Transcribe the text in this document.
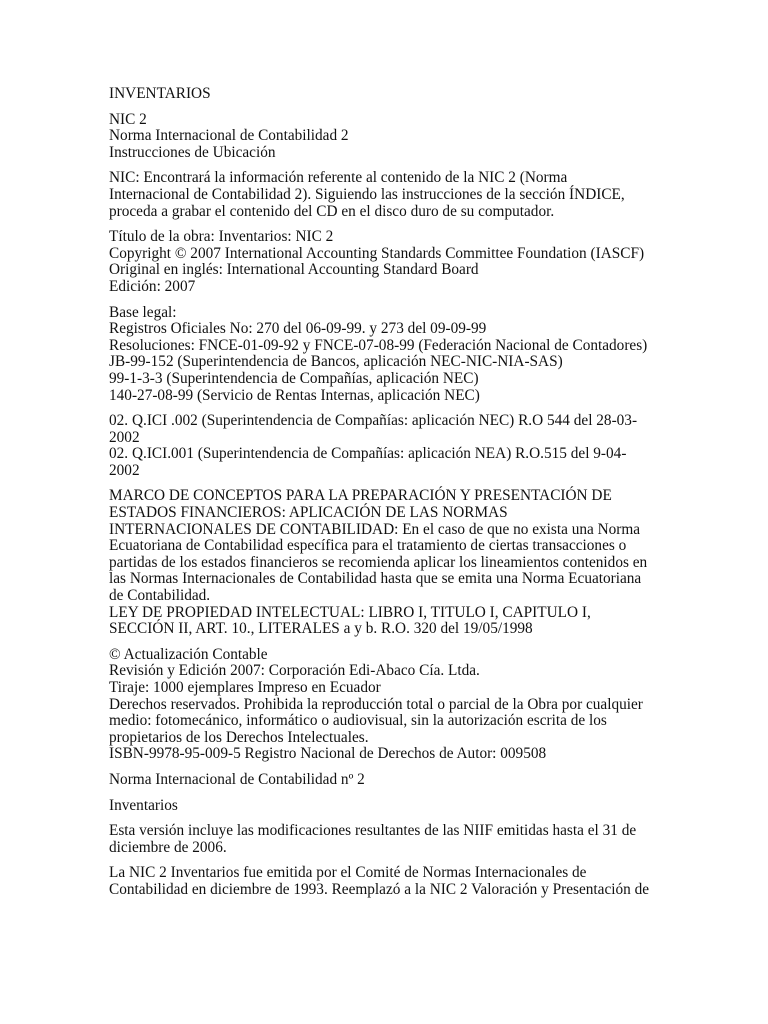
INVENTARIOS
NIC 2
Norma Internacional de Contabilidad 2
Instrucciones de Ubicación
NIC: Encontrará la información referente al contenido de la NIC 2 (Norma
Internacional de Contabilidad 2). Siguiendo las instrucciones de la sección ÍNDICE,
proceda a grabar el contenido del CD en el disco duro de su computador.
Título de la obra: Inventarios: NIC 2
Copyright © 2007 International Accounting Standards Committee Foundation (IASCF)
Original en inglés: International Accounting Standard Board
Edición: 2007
Base legal:
Registros Oficiales No: 270 del 06-09-99. y 273 del 09-09-99
Resoluciones: FNCE-01-09-92 y FNCE-07-08-99 (Federación Nacional de Contadores)
JB-99-152 (Superintendencia de Bancos, aplicación NEC-NIC-NIA-SAS)
99-1-3-3 (Superintendencia de Compañías, aplicación NEC)
140-27-08-99 (Servicio de Rentas Internas, aplicación NEC)
02. Q.ICI .002 (Superintendencia de Compañías: aplicación NEC) R.O 544 del 28-03-
2002
02. Q.ICI.001 (Superintendencia de Compañías: aplicación NEA) R.O.515 del 9-04-
2002
MARCO DE CONCEPTOS PARA LA PREPARACIÓN Y PRESENTACIÓN DE
ESTADOS FINANCIEROS: APLICACIÓN DE LAS NORMAS
INTERNACIONALES DE CONTABILIDAD: En el caso de que no exista una Norma
Ecuatoriana de Contabilidad específica para el tratamiento de ciertas transacciones o
partidas de los estados financieros se recomienda aplicar los lineamientos contenidos en
las Normas Internacionales de Contabilidad hasta que se emita una Norma Ecuatoriana
de Contabilidad.
LEY DE PROPIEDAD INTELECTUAL: LIBRO I, TITULO I, CAPITULO I,
SECCIÓN II, ART. 10., LITERALES a y b. R.O. 320 del 19/05/1998
© Actualización Contable
Revisión y Edición 2007: Corporación Edi-Abaco Cía. Ltda.
Tiraje: 1000 ejemplares Impreso en Ecuador
Derechos reservados. Prohibida la reproducción total o parcial de la Obra por cualquier
medio: fotomecánico, informático o audiovisual, sin la autorización escrita de los
propietarios de los Derechos Intelectuales.
ISBN-9978-95-009-5 Registro Nacional de Derechos de Autor: 009508
Norma Internacional de Contabilidad nº 2
Inventarios
Esta versión incluye las modificaciones resultantes de las NIIF emitidas hasta el 31 de
diciembre de 2006.
La NIC 2 Inventarios fue emitida por el Comité de Normas Internacionales de
Contabilidad en diciembre de 1993. Reemplazó a la NIC 2 Valoración y Presentación de
